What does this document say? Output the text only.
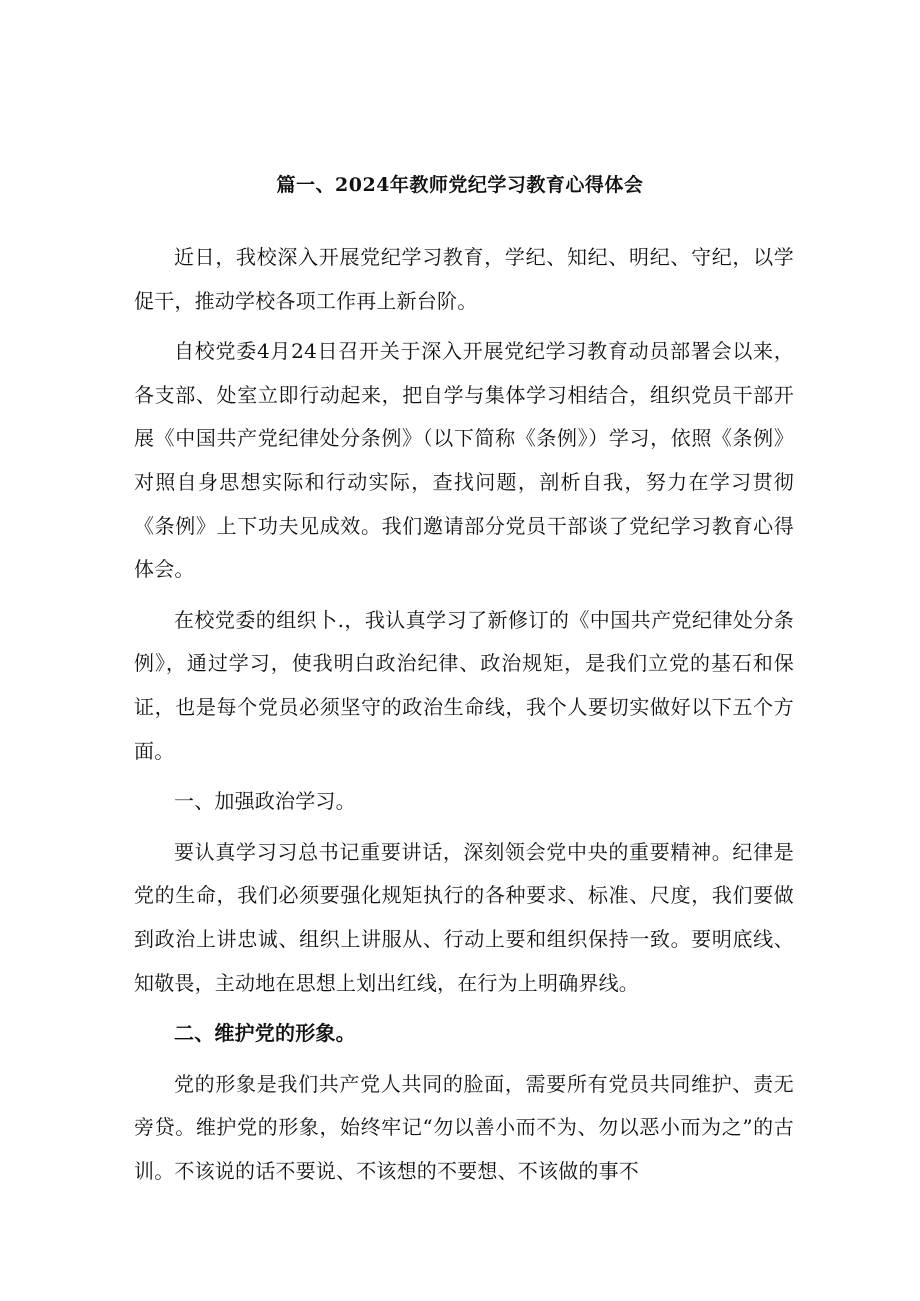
篇一、2024年教师党纪学习教育心得体会

近日，我校深入开展党纪学习教育，学纪、知纪、明纪、守纪，以学促干，推动学校各项工作再上新台阶。

自校党委4月24日召开关于深入开展党纪学习教育动员部署会以来，各支部、处室立即行动起来，把自学与集体学习相结合，组织党员干部开展《中国共产党纪律处分条例》（以下简称《条例》）学习，依照《条例》对照自身思想实际和行动实际，查找问题，剖析自我，努力在学习贯彻《条例》上下功夫见成效。我们邀请部分党员干部谈了党纪学习教育心得体会。

在校党委的组织卜.，我认真学习了新修订的《中国共产党纪律处分条例》，通过学习，使我明白政治纪律、政治规矩，是我们立党的基石和保证，也是每个党员必须坚守的政治生命线，我个人要切实做好以下五个方面。

一、加强政治学习。

要认真学习习总书记重要讲话，深刻领会党中央的重要精神。纪律是党的生命，我们必须要强化规矩执行的各种要求、标准、尺度，我们要做到政治上讲忠诚、组织上讲服从、行动上要和组织保持一致。要明底线、知敬畏，主动地在思想上划出红线，在行为上明确界线。

二、维护党的形象。

党的形象是我们共产党人共同的脸面，需要所有党员共同维护、责无旁贷。维护党的形象，始终牢记“勿以善小而不为、勿以恶小而为之”的古训。不该说的话不要说、不该想的不要想、不该做的事不
